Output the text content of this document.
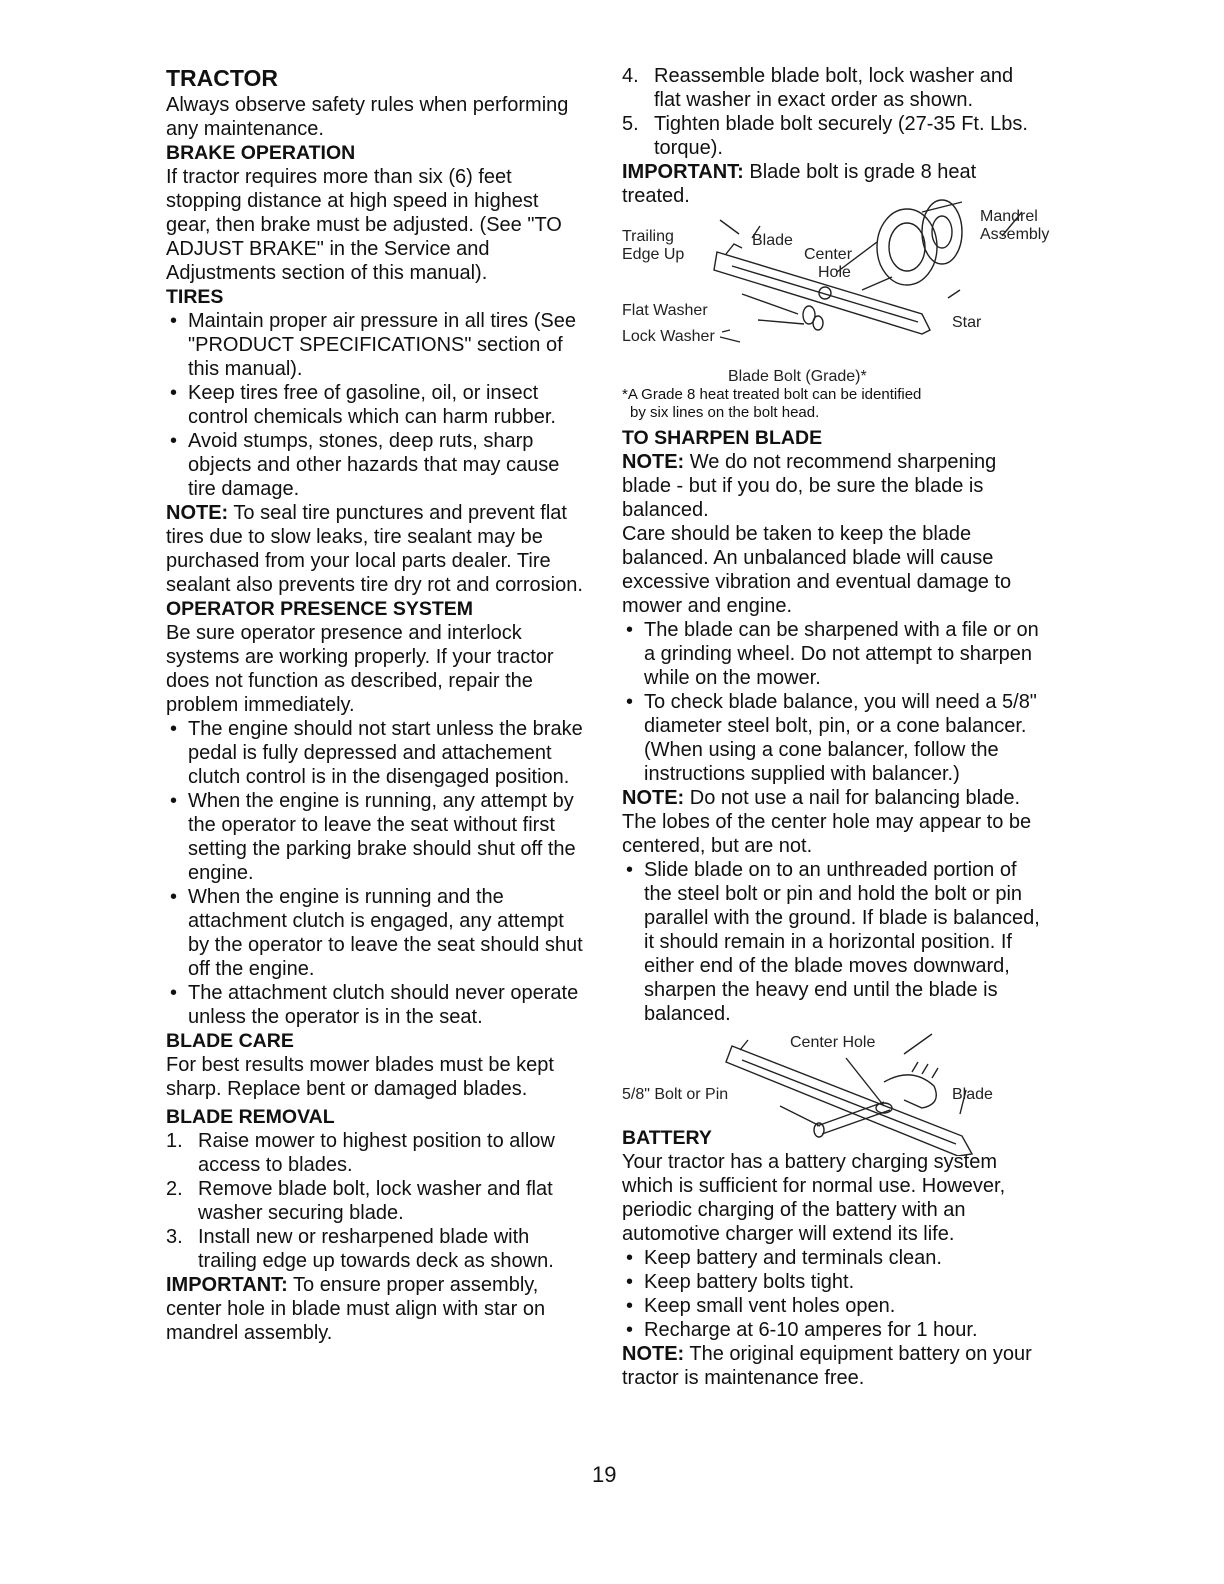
TRACTOR
Always observe safety rules when performing any maintenance.
BRAKE OPERATION
If tractor requires more than six (6) feet stopping distance at high speed in highest gear, then brake must be adjusted. (See "TO ADJUST BRAKE" in the Service and Adjustments section of this manual).
TIRES
• Maintain proper air pressure in all tires (See "PRODUCT SPECIFICATIONS" section of this manual).
• Keep tires free of gasoline, oil, or insect control chemicals which can harm rubber.
• Avoid stumps, stones, deep ruts, sharp objects and other hazards that may cause tire damage.
NOTE: To seal tire punctures and prevent flat tires due to slow leaks, tire sealant may be purchased from your local parts dealer. Tire sealant also prevents tire dry rot and corrosion.
OPERATOR PRESENCE SYSTEM
Be sure operator presence and interlock systems are working properly. If your tractor does not function as described, repair the problem immediately.
• The engine should not start unless the brake pedal is fully depressed and attachement clutch control is in the disengaged position.
• When the engine is running, any attempt by the operator to leave the seat without first setting the parking brake should shut off the engine.
• When the engine is running and the attachment clutch is engaged, any attempt by the operator to leave the seat should shut off the engine.
• The attachment clutch should never operate unless the operator is in the seat.
BLADE CARE
For best results mower blades must be kept sharp. Replace bent or damaged blades.
BLADE REMOVAL
1. Raise mower to highest position to allow access to blades.
2. Remove blade bolt, lock washer and flat washer securing blade.
3. Install new or resharpened blade with trailing edge up towards deck as shown.
IMPORTANT: To ensure proper assembly, center hole in blade must align with star on mandrel assembly.
4. Reassemble blade bolt, lock washer and flat washer in exact order as shown.
5. Tighten blade bolt securely (27-35 Ft. Lbs. torque).
IMPORTANT: Blade bolt is grade 8 heat treated.
Mandrel
Assembly
Trailing
Edge Up
Blade
Center
Hole
Flat Washer
Lock Washer
Star
Blade Bolt (Grade)*
*A Grade 8 heat treated bolt can be identified
by six lines on the bolt head.
TO SHARPEN BLADE
NOTE: We do not recommend sharpening blade - but if you do, be sure the blade is balanced.
Care should be taken to keep the blade balanced. An unbalanced blade will cause excessive vibration and eventual damage to mower and engine.
• The blade can be sharpened with a file or on a grinding wheel. Do not attempt to sharpen while on the mower.
• To check blade balance, you will need a 5/8" diameter steel bolt, pin, or a cone balancer. (When using a cone balancer, follow the instructions supplied with balancer.)
NOTE: Do not use a nail for balancing blade. The lobes of the center hole may appear to be centered, but are not.
• Slide blade on to an unthreaded portion of the steel bolt or pin and hold the bolt or pin parallel with the ground. If blade is balanced, it should remain in a horizontal position. If either end of the blade moves downward, sharpen the heavy end until the blade is balanced.
Center Hole
5/8" Bolt or Pin	Blade
BATTERY
Your tractor has a battery charging system which is sufficient for normal use. However, periodic charging of the battery with an automotive charger will extend its life.
• Keep battery and terminals clean.
• Keep battery bolts tight.
• Keep small vent holes open.
• Recharge at 6-10 amperes for 1 hour.
NOTE: The original equipment battery on your tractor is maintenance free.
19
